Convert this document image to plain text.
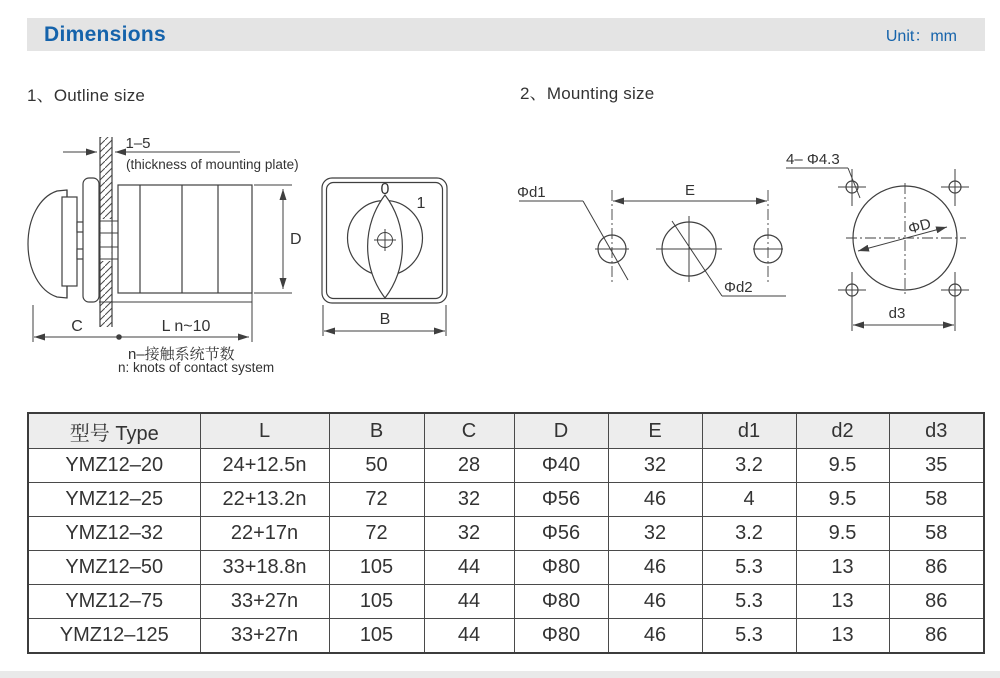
Dimensions	Unit：mm
1、Outline size	2、Mounting size
1–5
(thickness of mounting plate)
D
C	L n~10
n–接触系统节数
n: knots of contact system
0
1
B
Φd1	E
Φd2
4– Φ4.3
ΦD
d3
型号 Type	L	B	C	D	E	d1	d2	d3
YMZ12–20	24+12.5n	50	28	Φ40	32	3.2	9.5	35
YMZ12–25	22+13.2n	72	32	Φ56	46	4	9.5	58
YMZ12–32	22+17n	72	32	Φ56	32	3.2	9.5	58
YMZ12–50	33+18.8n	105	44	Φ80	46	5.3	13	86
YMZ12–75	33+27n	105	44	Φ80	46	5.3	13	86
YMZ12–125	33+27n	105	44	Φ80	46	5.3	13	86
